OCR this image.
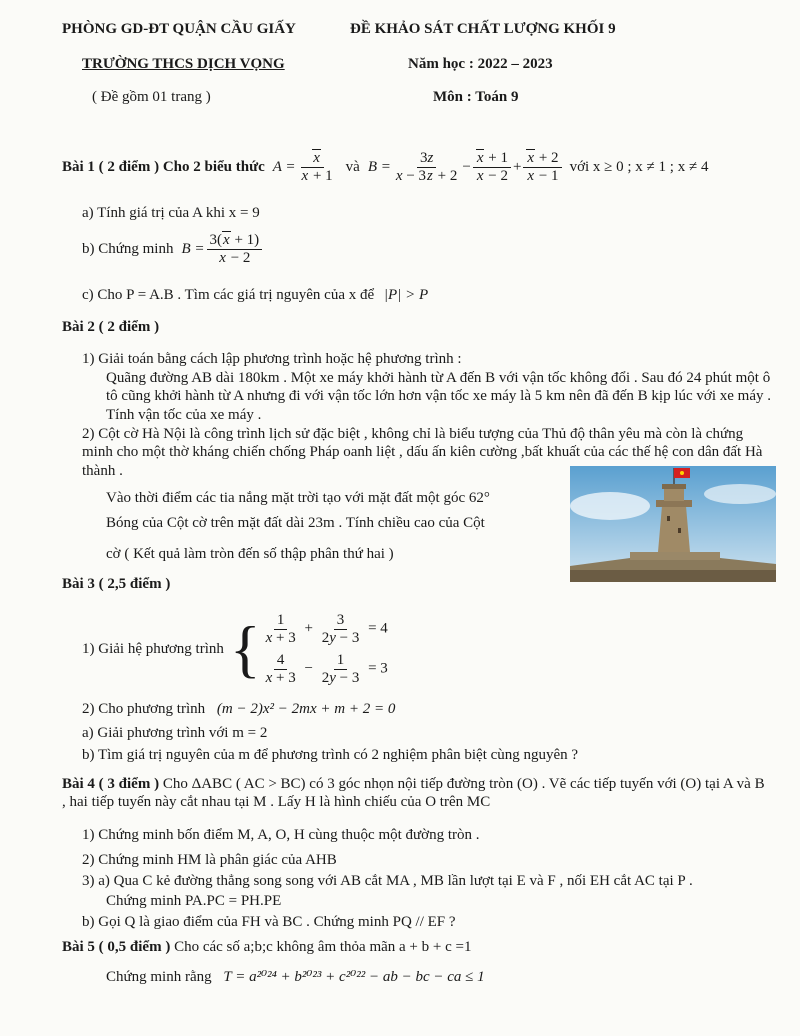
PHÒNG GD-ĐT QUẬN CẦU GIẤY
TRƯỜNG THCS DỊCH VỌNG
( Đề gồm 01 trang )
ĐỀ KHẢO SÁT CHẤT LƯỢNG KHỐI 9
Năm học : 2022 – 2023
Môn : Toán 9
Bài 1 ( 2 điểm ) Cho 2 biểu thức $A = \frac{x}{x + 1}$ và $B = \frac{3z}{x - 3z + 2} - \frac{x + 1}{x - 2} + \frac{x + 2}{x - 1}$ với x ≥ 0 ; x ≠ 1 ; x ≠ 4
a) Tính giá trị của A khi x = 9
b) Chứng minh $B = \frac{3(x + 1)}{x - 2}$
c) Cho P = A.B . Tìm các giá trị nguyên của x để |P| > P
Bài 2 ( 2 điểm )
1) Giải toán bằng cách lập phương trình hoặc hệ phương trình :
Quãng đường AB dài 180km . Một xe máy khởi hành từ A đến B với vận tốc không đổi . Sau đó 24 phút một ô tô cũng khởi hành từ A nhưng đi với vận tốc lớn hơn vận tốc xe máy là 5 km nên đã đến B kịp lúc với xe máy . Tính vận tốc của xe máy .
2) Cột cờ Hà Nội là công trình lịch sử đặc biệt , không chỉ là biểu tượng của Thủ độ thân yêu mà còn là chứng minh cho một thờ kháng chiến chống Pháp oanh liệt , dấu ấn kiên cường ,bất khuất của các thế hệ con dân đất Hà thành .
Vào thời điểm các tia nắng mặt trời tạo với mặt đất một góc 62°
Bóng của Cột cờ trên mặt đất dài 23m . Tính chiều cao của Cột
cờ ( Kết quả làm tròn đến số thập phân thứ hai )
Bài 3 ( 2,5 điểm )
1) Giải hệ phương trình { $\frac{1}{x + 3} + \frac{3}{2y - 3} = 4$
$\frac{4}{x + 3} - \frac{1}{2y - 3} = 3$
2) Cho phương trình (m − 2)x² − 2mx + m + 2 = 0
a) Giải phương trình với m = 2
b) Tìm giá trị nguyên của m để phương trình có 2 nghiệm phân biệt cùng nguyên ?
Bài 4 ( 3 điểm ) Cho ΔABC ( AC > BC) có 3 góc nhọn nội tiếp đường tròn (O) . Vẽ các tiếp tuyến với (O) tại A và B , hai tiếp tuyến này cắt nhau tại M . Lấy H là hình chiếu của O trên MC
1) Chứng minh bốn điểm M, A, O, H cùng thuộc một đường tròn .
2) Chứng minh HM là phân giác của AHB
3) a) Qua C kẻ đường thẳng song song với AB cắt MA , MB lần lượt tại E và F , nối EH cắt AC tại P .
Chứng minh PA.PC = PH.PE
b) Gọi Q là giao điểm của FH và BC . Chứng minh PQ // EF ?
Bài 5 ( 0,5 điểm ) Cho các số a;b;c không âm thỏa mãn a + b + c =1
Chứng minh rằng T = a²⁰²⁴ + b²⁰²³ + c²⁰²² − ab − bc − ca ≤ 1
